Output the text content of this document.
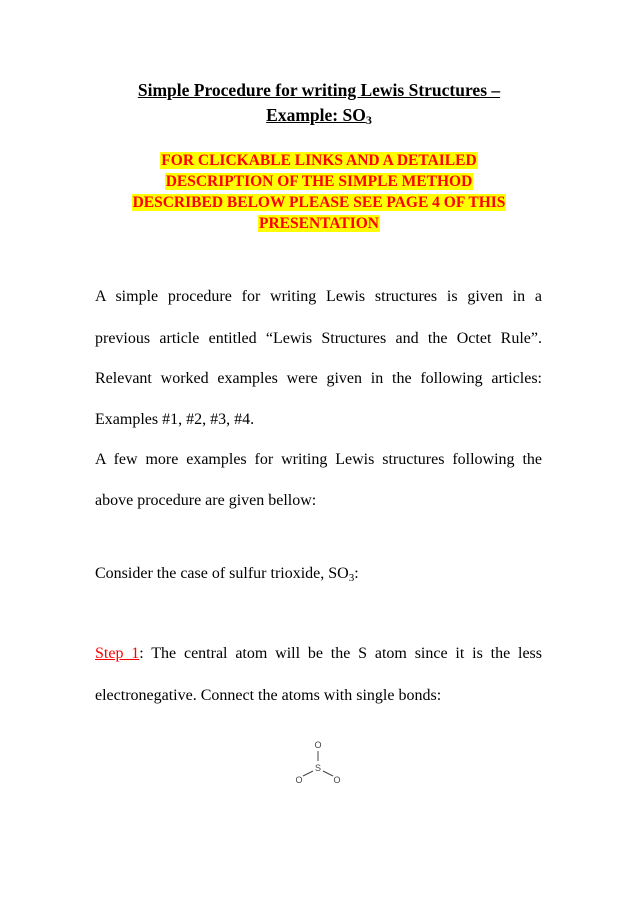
Simple Procedure for writing Lewis Structures –
Example: $SO_3$
FOR CLICKABLE LINKS AND A DETAILED
DESCRIPTION OF THE SIMPLE METHOD
DESCRIBED BELOW PLEASE SEE PAGE 4 OF THIS
PRESENTATION
A simple procedure for writing Lewis structures is given in a
previous article entitled “Lewis Structures and the Octet Rule”.
Relevant worked examples were given in the following articles:
Examples #1, #2, #3, #4.
A few more examples for writing Lewis structures following the
above procedure are given bellow:
Consider the case of sulfur trioxide, $SO_3$:
Step 1: The central atom will be the S atom since it is the less
electronegative. Connect the atoms with single bonds:
O
S
O	O
